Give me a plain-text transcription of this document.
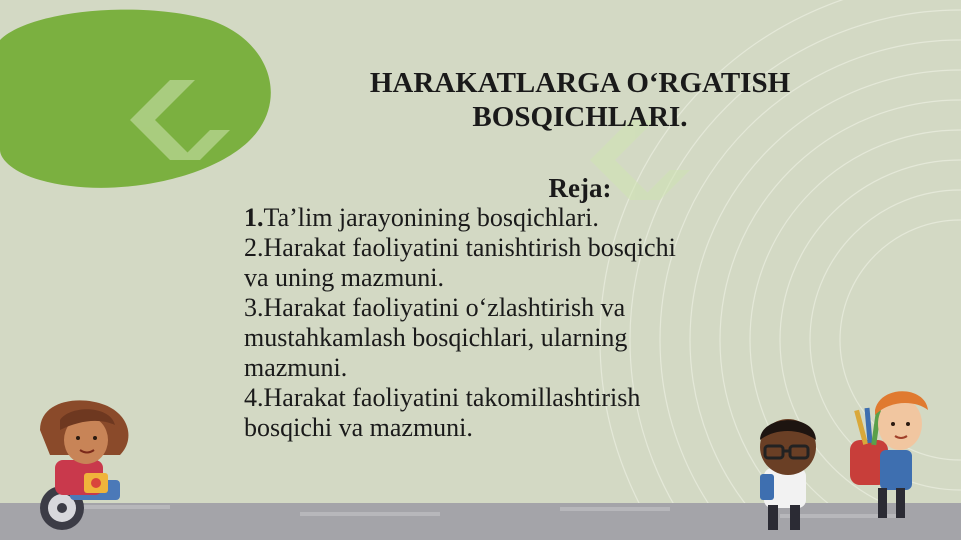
HARAKATLARGA O‘RGATISH
BOSQICHLARI.
Reja:
1.Ta’lim jarayonining bosqichlari.
2.Harakat faoliyatini tanishtirish bosqichi
va uning mazmuni.
3.Harakat faoliyatini o‘zlashtirish va
mustahkamlash bosqichlari, ularning
mazmuni.
4.Harakat faoliyatini takomillashtirish
bosqichi va mazmuni.
